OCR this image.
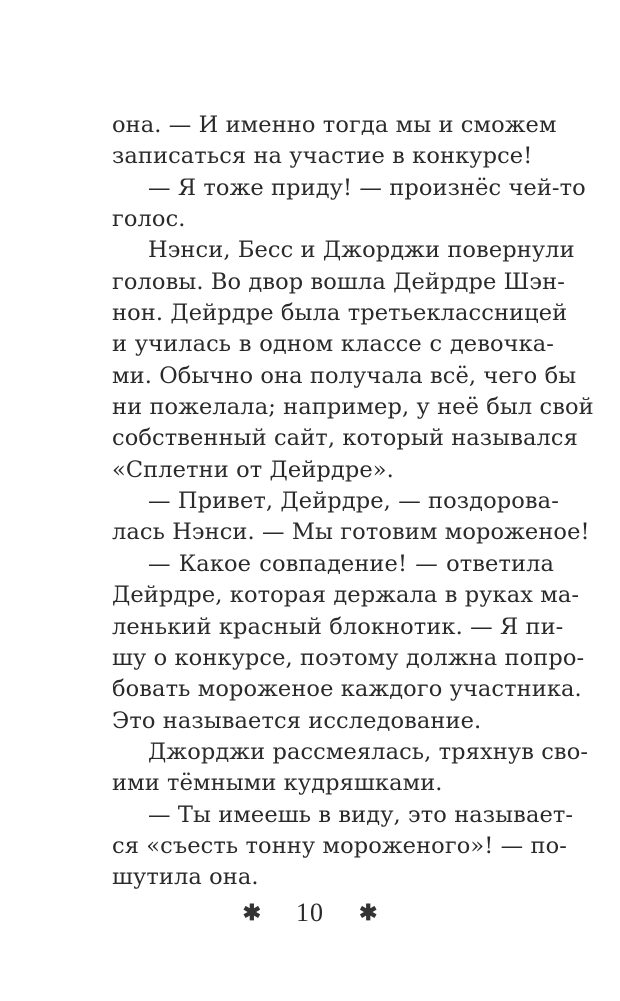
она. — И именно тогда мы и сможем
записаться на участие в конкурсе!
— Я тоже приду! — произнёс чей-то
голос.
Нэнси, Бесс и Джорджи повернули
головы. Во двор вошла Дейрдре Шэн-
нон. Дейрдре была третьеклассницей
и училась в одном классе с девочка-
ми. Обычно она получала всё, чего бы
ни пожелала; например, у неё был свой
собственный сайт, который назывался
«Сплетни от Дейрдре».
— Привет, Дейрдре, — поздорова-
лась Нэнси. — Мы готовим мороженое!
— Какое совпадение! — ответила
Дейрдре, которая держала в руках ма-
ленький красный блокнотик. — Я пи-
шу о конкурсе, поэтому должна попро-
бовать мороженое каждого участника.
Это называется исследование.
Джорджи рассмеялась, тряхнув сво-
ими тёмными кудряшками.
— Ты имеешь в виду, это называет-
ся «съесть тонну мороженого»! — по-
шутила она.
✱ 10 ✱
